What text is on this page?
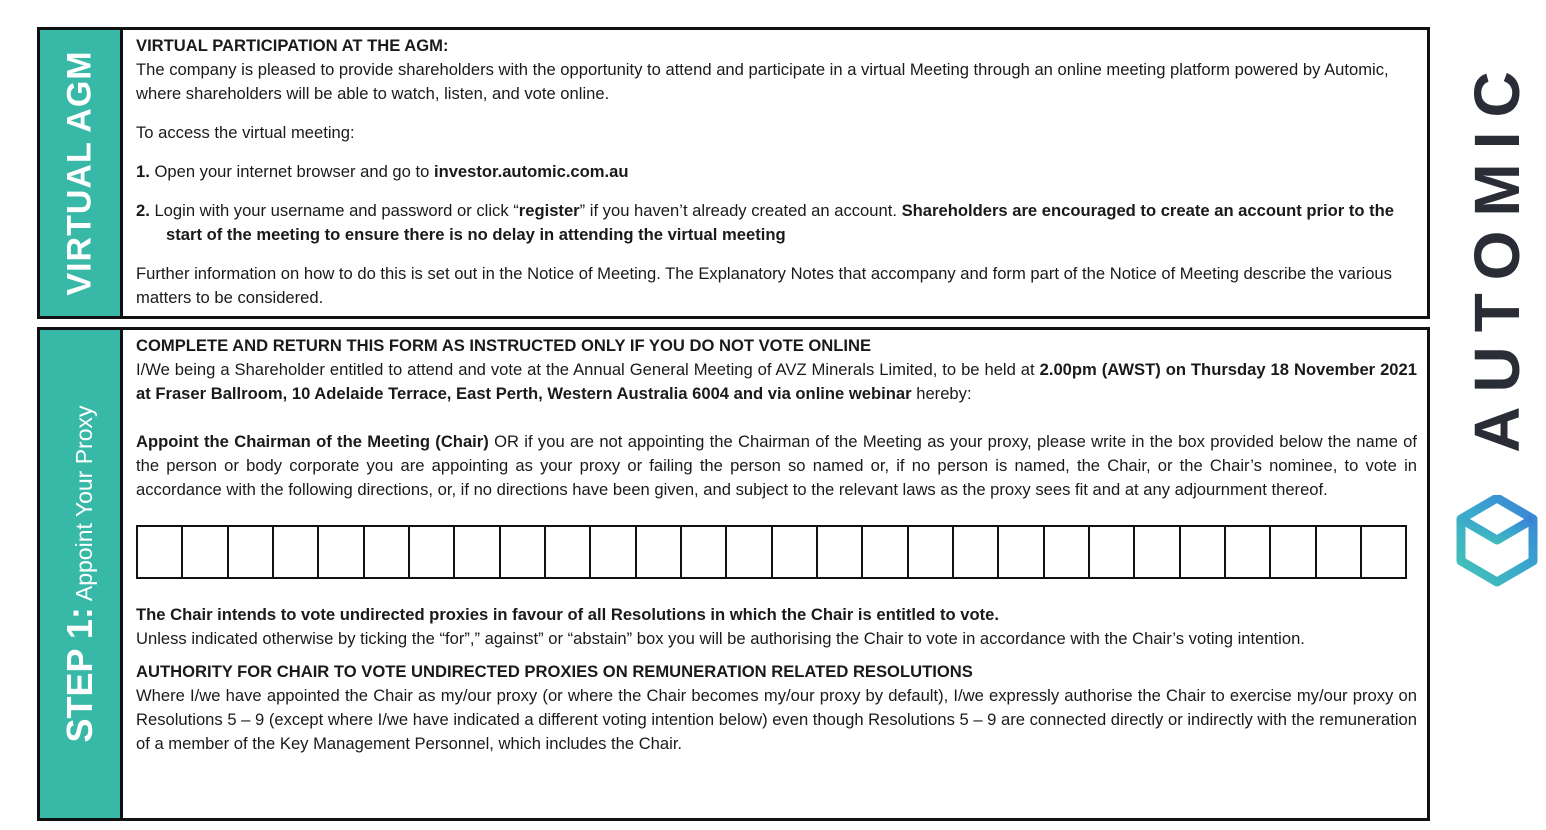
VIRTUAL AGM

VIRTUAL PARTICIPATION AT THE AGM:

The company is pleased to provide shareholders with the opportunity to attend and participate in a virtual Meeting through an online meeting platform powered by Automic, where shareholders will be able to watch, listen, and vote online.

To access the virtual meeting:

1. Open your internet browser and go to investor.automic.com.au

2. Login with your username and password or click “register” if you haven’t already created an account. Shareholders are encouraged to create an account prior to the start of the meeting to ensure there is no delay in attending the virtual meeting

Further information on how to do this is set out in the Notice of Meeting. The Explanatory Notes that accompany and form part of the Notice of Meeting describe the various matters to be considered.

STEP 1:Appoint Your Proxy

COMPLETE AND RETURN THIS FORM AS INSTRUCTED ONLY IF YOU DO NOT VOTE ONLINE

I/We being a Shareholder entitled to attend and vote at the Annual General Meeting of AVZ Minerals Limited, to be held at 2.00pm (AWST) on Thursday 18 November 2021 at Fraser Ballroom, 10 Adelaide Terrace, East Perth, Western Australia 6004 and via online webinar hereby:

Appoint the Chairman of the Meeting (Chair) OR if you are not appointing the Chairman of the Meeting as your proxy, please write in the box provided below the name of the person or body corporate you are appointing as your proxy or failing the person so named or, if no person is named, the Chair, or the Chair’s nominee, to vote in accordance with the following directions, or, if no directions have been given, and subject to the relevant laws as the proxy sees fit and at any adjournment thereof.

The Chair intends to vote undirected proxies in favour of all Resolutions in which the Chair is entitled to vote.

Unless indicated otherwise by ticking the “for”,” against” or “abstain” box you will be authorising the Chair to vote in accordance with the Chair’s voting intention.

AUTHORITY FOR CHAIR TO VOTE UNDIRECTED PROXIES ON REMUNERATION RELATED RESOLUTIONS

Where I/we have appointed the Chair as my/our proxy (or where the Chair becomes my/our proxy by default), I/we expressly authorise the Chair to exercise my/our proxy on Resolutions 5 – 9 (except where I/we have indicated a different voting intention below) even though Resolutions 5 – 9 are connected directly or indirectly with the remuneration of a member of the Key Management Personnel, which includes the Chair.

AUTOMIC
